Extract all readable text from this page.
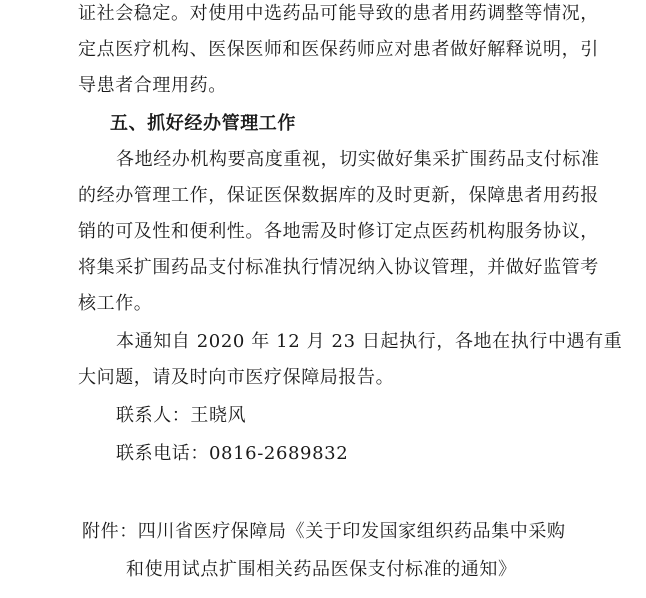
证社会稳定。对使用中选药品可能导致的患者用药调整等情况，
定点医疗机构、医保医师和医保药师应对患者做好解释说明，引
导患者合理用药。
五、抓好经办管理工作
各地经办机构要高度重视，切实做好集采扩围药品支付标准
的经办管理工作，保证医保数据库的及时更新，保障患者用药报
销的可及性和便利性。各地需及时修订定点医药机构服务协议，
将集采扩围药品支付标准执行情况纳入协议管理，并做好监管考
核工作。
本通知自 2020 年 12 月 23 日起执行，各地在执行中遇有重
大问题，请及时向市医疗保障局报告。
联系人：王晓风
联系电话：0816-2689832
附件：四川省医疗保障局《关于印发国家组织药品集中采购
和使用试点扩围相关药品医保支付标准的通知》
